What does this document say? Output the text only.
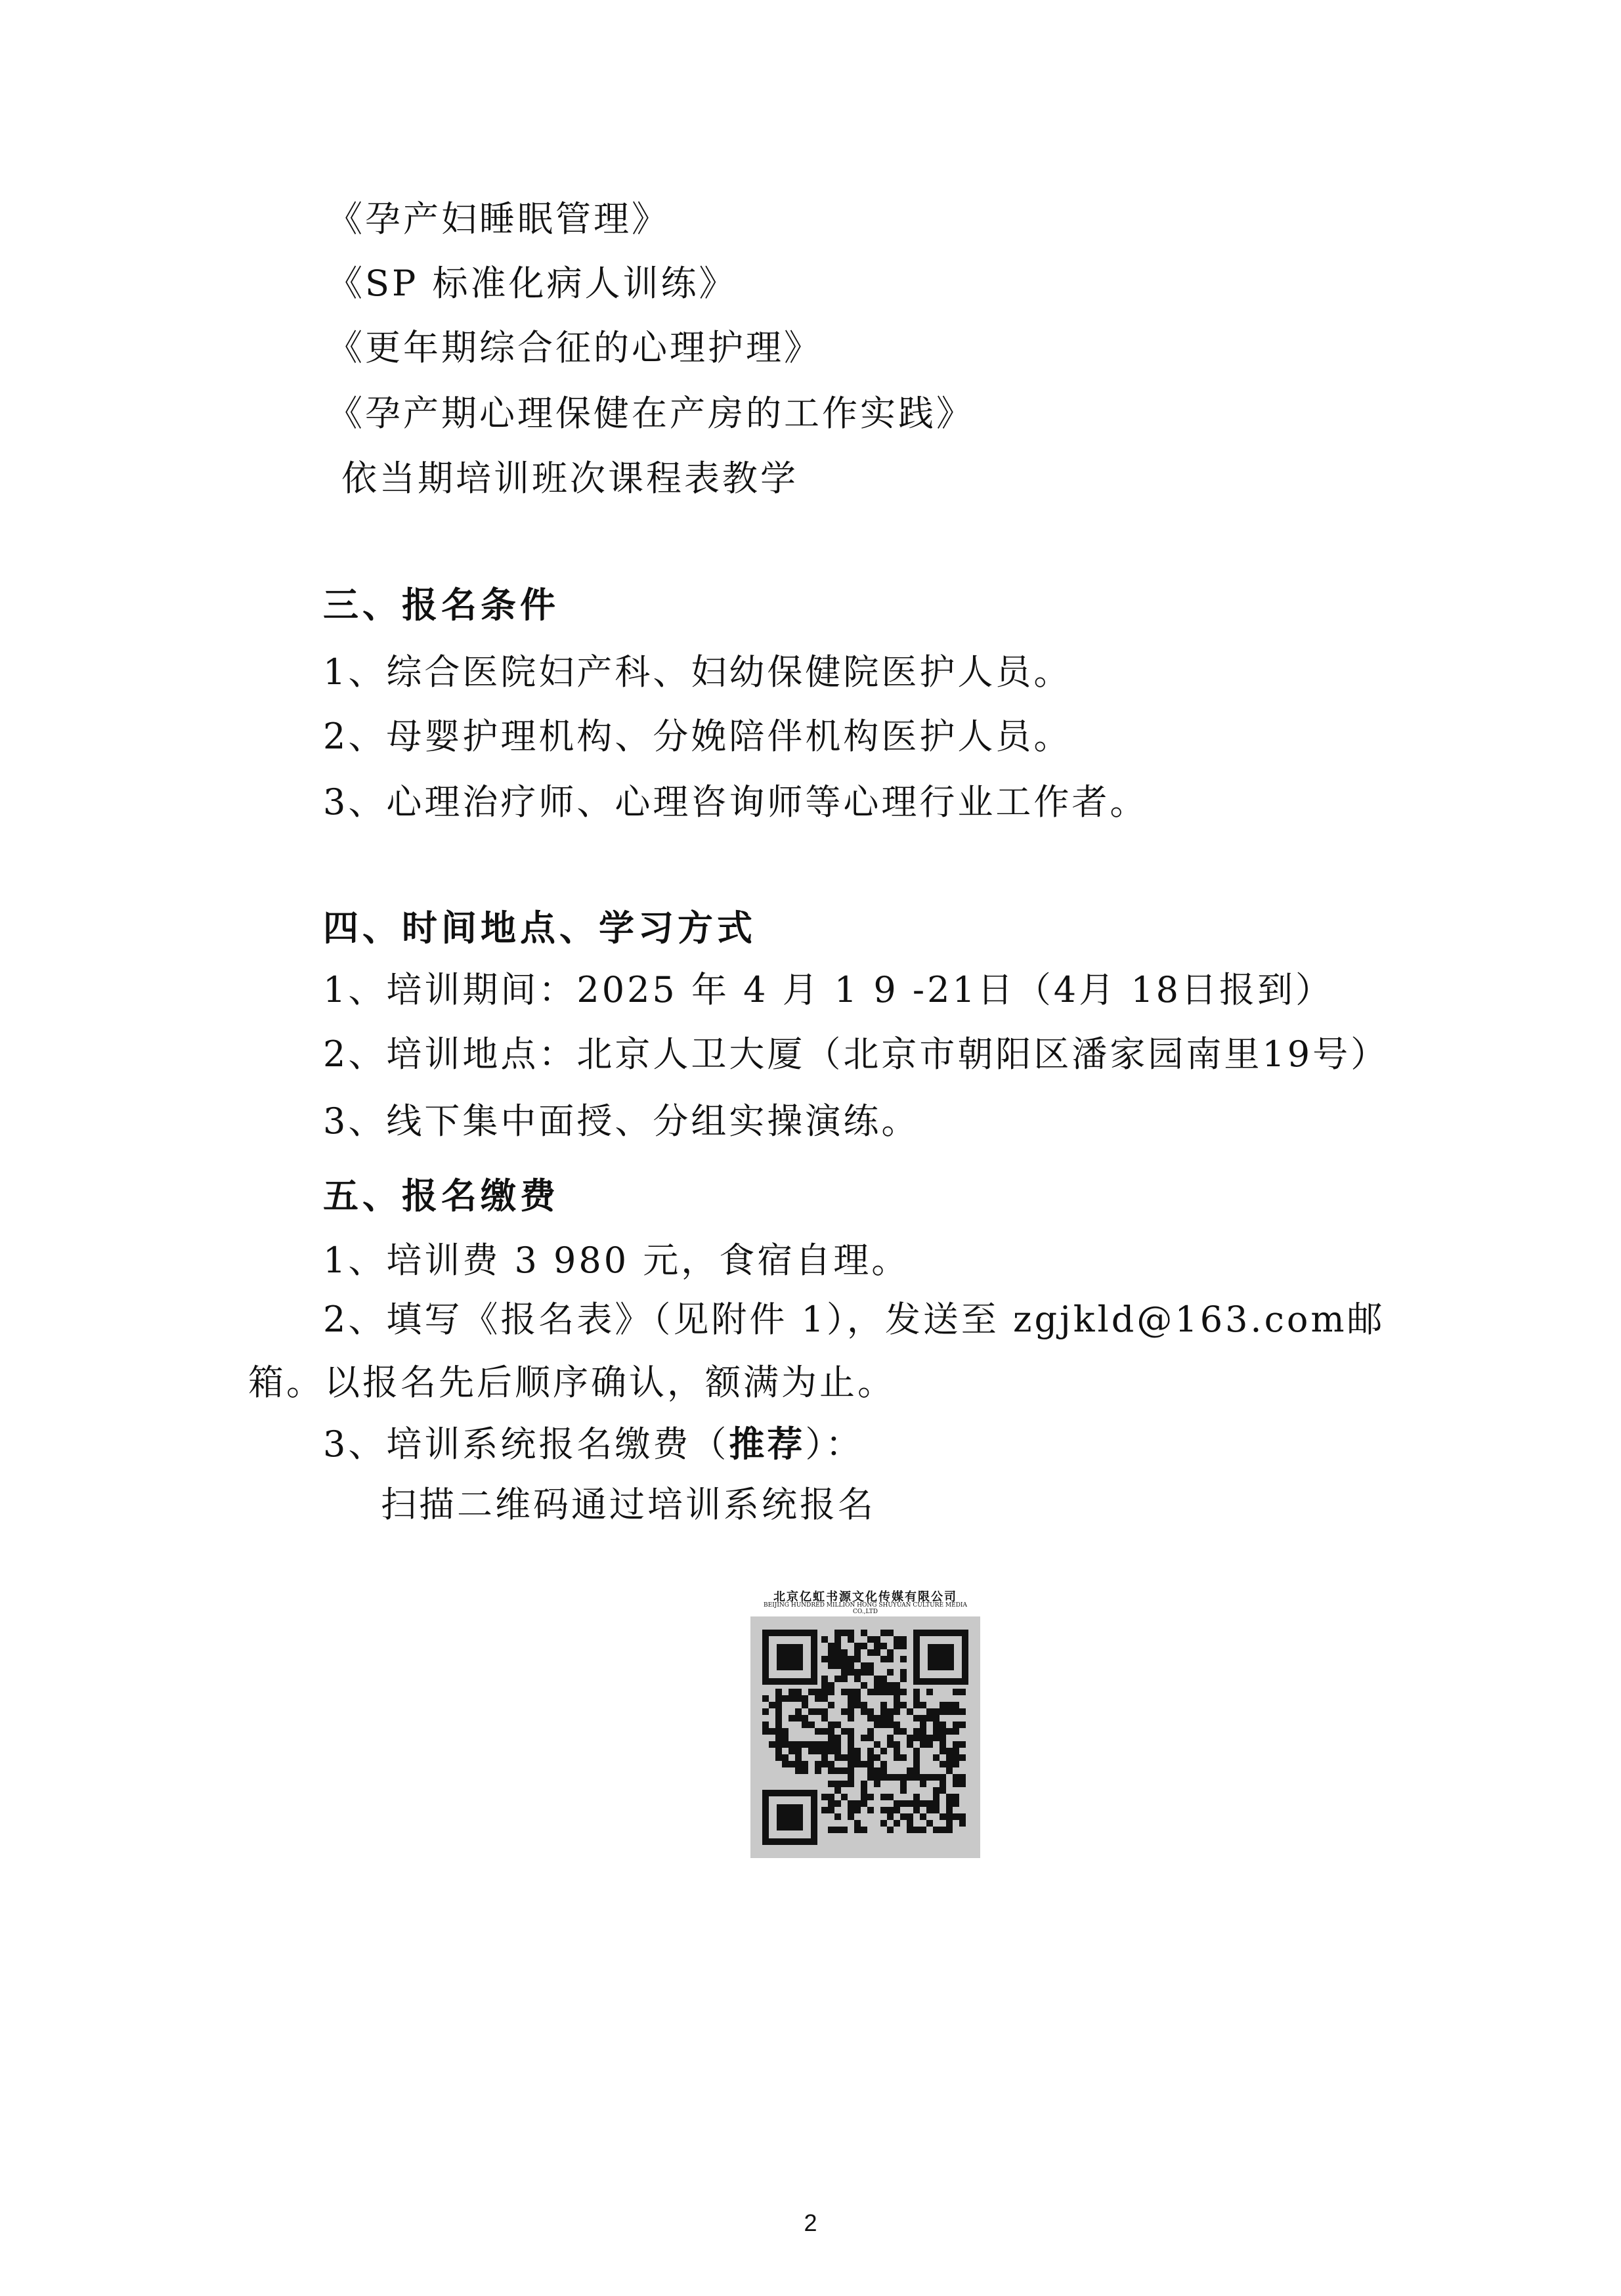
《孕产妇睡眠管理》
《SP 标准化病人训练》
《更年期综合征的心理护理》
《孕产期心理保健在产房的工作实践》
依当期培训班次课程表教学
三、报名条件
1、综合医院妇产科、妇幼保健院医护人员。
2、母婴护理机构、分娩陪伴机构医护人员。
3、心理治疗师、心理咨询师等心理行业工作者。
四、时间地点、学习方式
1、培训期间：2025 年 4 月 1 9 -21日（4月 18日报到）
2、培训地点：北京人卫大厦（北京市朝阳区潘家园南里19号）
3、线下集中面授、分组实操演练。
五、报名缴费
1、培训费 3 980 元，食宿自理。
2、填写《报名表》（见附件 1），发送至 zgjkld@163.com邮
箱。以报名先后顺序确认，额满为止。
3、培训系统报名缴费（推荐）：
扫描二维码通过培训系统报名
北京亿虹书源文化传媒有限公司
BEIJING HUNDRED MILLION HONG SHUYUAN CULTURE MEDIA CO.,LTD
2
